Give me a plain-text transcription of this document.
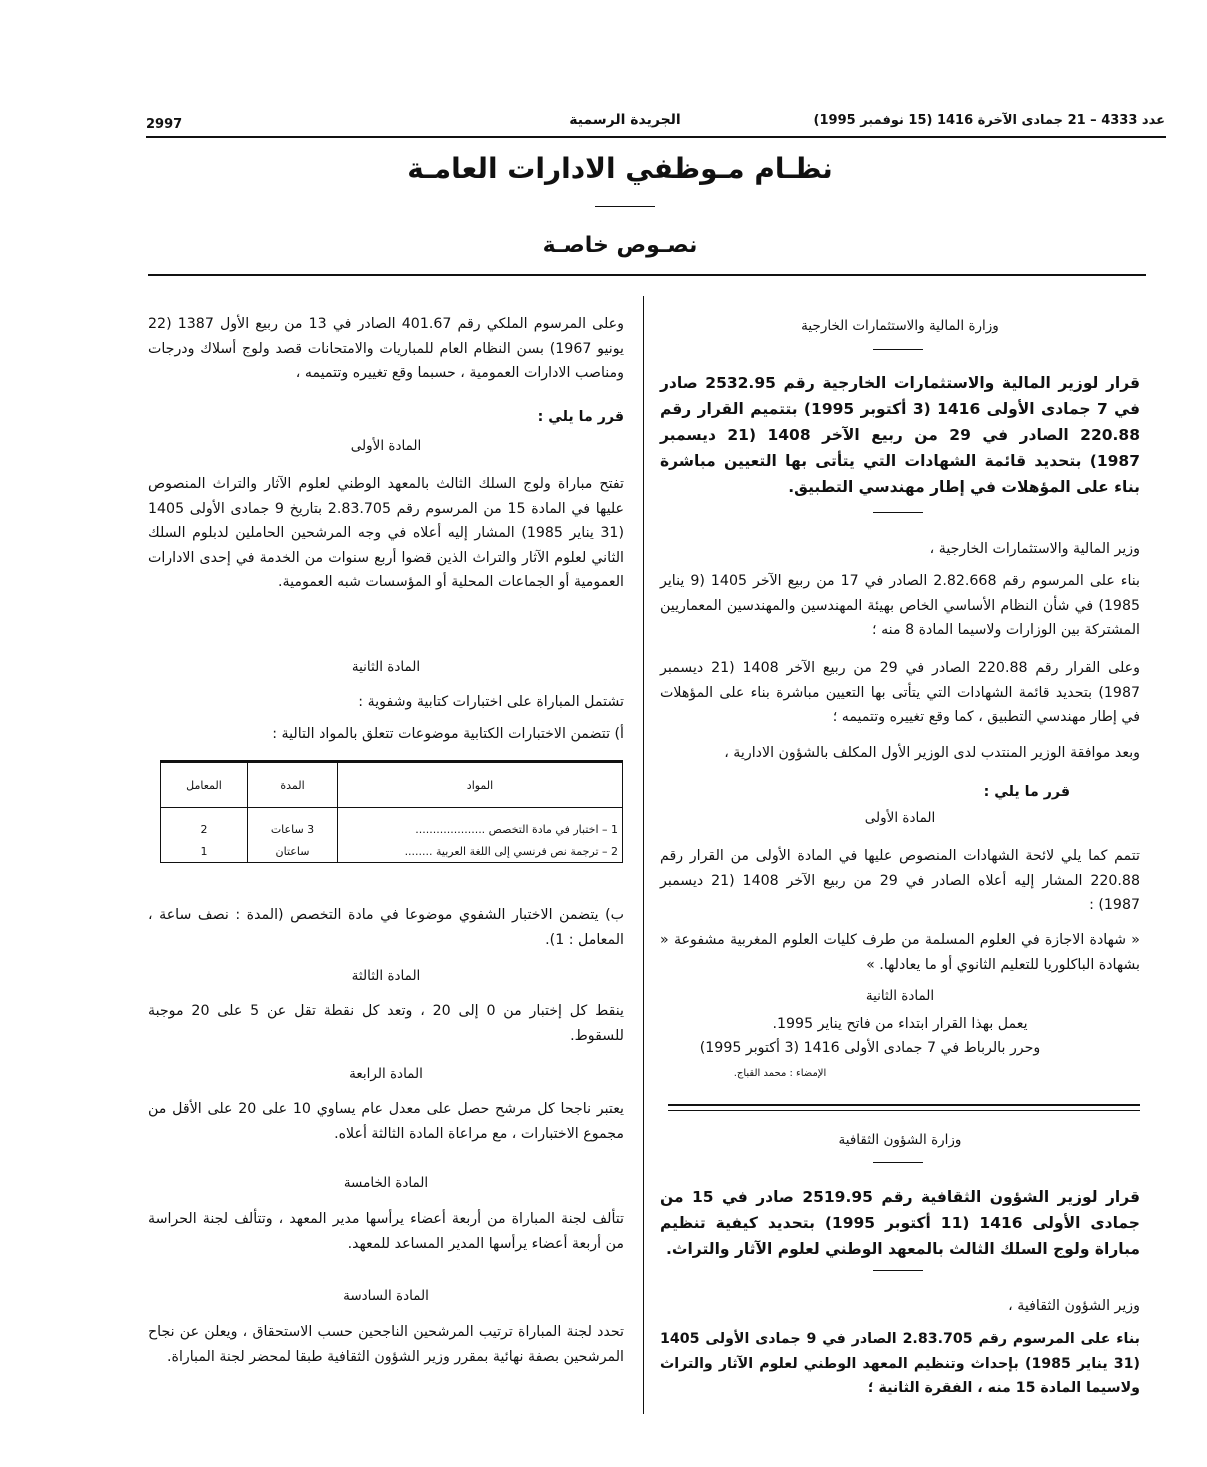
2997	الجريدة الرسمية	عدد 4333 – 21 جمادى الآخرة 1416 (15 نوفمبر 1995)
نظـام مـوظفي الادارات العامـة
نصـوص خاصـة
وزارة المالية والاستثمارات الخارجية

قرار لوزير المالية والاستثمارات الخارجية رقم 2532.95 صادر في 7 جمادى الأولى 1416 (3 أكتوبر 1995) بتتميم القرار رقم 220.88 الصادر في 29 من ربيع الآخر 1408 (21 ديسمبر 1987) بتحديد قائمة الشهادات التي يتأتى بها التعيين مباشرة بناء على المؤهلات في إطار مهندسي التطبيق.

وزير المالية والاستثمارات الخارجية ،

بناء على المرسوم رقم 2.82.668 الصادر في 17 من ربيع الآخر 1405 (9 يناير 1985) في شأن النظام الأساسي الخاص بهيئة المهندسين والمهندسين المعماريين المشتركة بين الوزارات ولاسيما المادة 8 منه ؛

وعلى القرار رقم 220.88 الصادر في 29 من ربيع الآخر 1408 (21 ديسمبر 1987) بتحديد قائمة الشهادات التي يتأتى بها التعيين مباشرة بناء على المؤهلات في إطار مهندسي التطبيق ، كما وقع تغييره وتتميمه ؛

وبعد موافقة الوزير المنتدب لدى الوزير الأول المكلف بالشؤون الادارية ،

قرر ما يلي :

المادة الأولى

تتمم كما يلي لائحة الشهادات المنصوص عليها في المادة الأولى من القرار رقم 220.88 المشار إليه أعلاه الصادر في 29 من ربيع الآخر 1408 (21 ديسمبر 1987) :

« شهادة الاجازة في العلوم المسلمة من طرف كليات العلوم المغربية مشفوعة « بشهادة الباكلوريا للتعليم الثانوي أو ما يعادلها. »

المادة الثانية

يعمل بهذا القرار ابتداء من فاتح يناير 1995.

وحرر بالرباط في 7 جمادى الأولى 1416 (3 أكتوبر 1995)

الإمضاء : محمد القباج.
وزارة الشؤون الثقافية

قرار لوزير الشؤون الثقافية رقم 2519.95 صادر في 15 من جمادى الأولى 1416 (11 أكتوبر 1995) بتحديد كيفية تنظيم مباراة ولوج السلك الثالث بالمعهد الوطني لعلوم الآثار والتراث.

وزير الشؤون الثقافية ،

بناء على المرسوم رقم 2.83.705 الصادر في 9 جمادى الأولى 1405 (31 يناير 1985) بإحداث وتنظيم المعهد الوطني لعلوم الآثار والتراث ولاسيما المادة 15 منه ، الفقرة الثانية ؛

وعلى المرسوم الملكي رقم 401.67 الصادر في 13 من ربيع الأول 1387 (22 يونيو 1967) بسن النظام العام للمباريات والامتحانات قصد ولوج أسلاك ودرجات ومناصب الادارات العمومية ، حسبما وقع تغييره وتتميمه ،

قرر ما يلي :

المادة الأولى

تفتح مباراة ولوج السلك الثالث بالمعهد الوطني لعلوم الآثار والتراث المنصوص عليها في المادة 15 من المرسوم رقم 2.83.705 بتاريخ 9 جمادى الأولى 1405 (31 يناير 1985) المشار إليه أعلاه في وجه المرشحين الحاملين لدبلوم السلك الثاني لعلوم الآثار والتراث الذين قضوا أربع سنوات من الخدمة في إحدى الادارات العمومية أو الجماعات المحلية أو المؤسسات شبه العمومية.

المادة الثانية

تشتمل المباراة على اختبارات كتابية وشفوية :

أ) تتضمن الاختبارات الكتابية موضوعات تتعلق بالمواد التالية :

المواد	المدة	المعامل
1 – اختبار في مادة التخصص ....................	3 ساعات	2
2 – ترجمة نص فرنسي إلى اللغة العربية ........	ساعتان	1

ب) يتضمن الاختبار الشفوي موضوعا في مادة التخصص (المدة : نصف ساعة ، المعامل : 1).

المادة الثالثة

ينقط كل إختبار من 0 إلى 20 ، وتعد كل نقطة تقل عن 5 على 20 موجبة للسقوط.

المادة الرابعة

يعتبر ناجحا كل مرشح حصل على معدل عام يساوي 10 على 20 على الأقل من مجموع الاختبارات ، مع مراعاة المادة الثالثة أعلاه.

المادة الخامسة

تتألف لجنة المباراة من أربعة أعضاء يرأسها مدير المعهد ، وتتألف لجنة الحراسة من أربعة أعضاء يرأسها المدير المساعد للمعهد.

المادة السادسة

تحدد لجنة المباراة ترتيب المرشحين الناجحين حسب الاستحقاق ، ويعلن عن نجاح المرشحين بصفة نهائية بمقرر وزير الشؤون الثقافية طبقا لمحضر لجنة المباراة.
